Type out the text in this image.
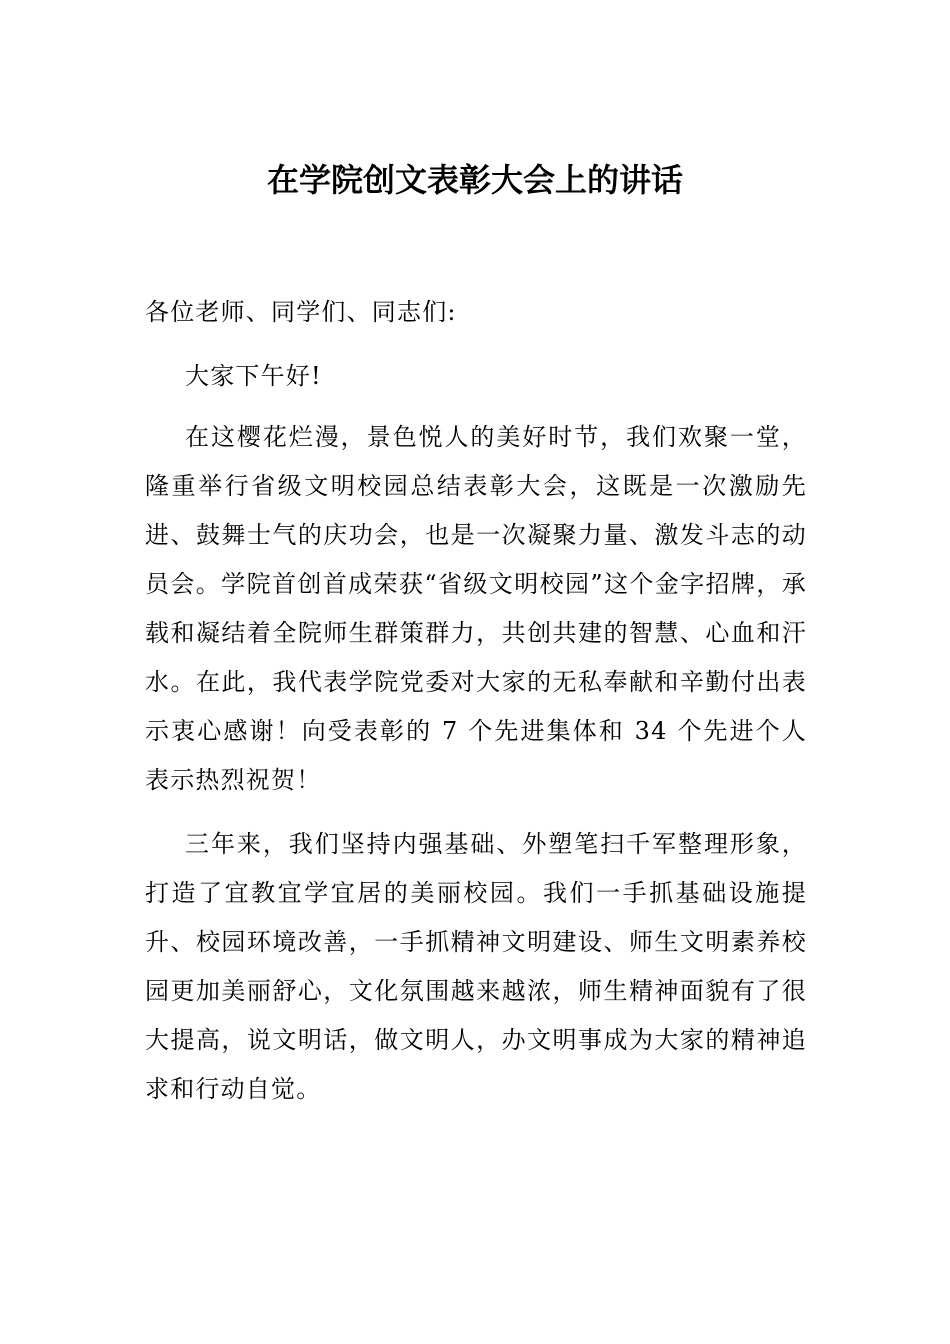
在学院创文表彰大会上的讲话

各位老师、同学们、同志们:

大家下午好!

在这樱花烂漫，景色悦人的美好时节，我们欢聚一堂，隆重举行省级文明校园总结表彰大会，这既是一次激励先进、鼓舞士气的庆功会，也是一次凝聚力量、激发斗志的动员会。学院首创首成荣获“省级文明校园”这个金字招牌，承载和凝结着全院师生群策群力，共创共建的智慧、心血和汗水。在此，我代表学院党委对大家的无私奉献和辛勤付出表示衷心感谢！向受表彰的 7 个先进集体和 34 个先进个人表示热烈祝贺！

三年来，我们坚持内强基础、外塑笔扫千军整理形象，打造了宜教宜学宜居的美丽校园。我们一手抓基础设施提升、校园环境改善，一手抓精神文明建设、师生文明素养校园更加美丽舒心，文化氛围越来越浓，师生精神面貌有了很大提高，说文明话，做文明人，办文明事成为大家的精神追求和行动自觉。
